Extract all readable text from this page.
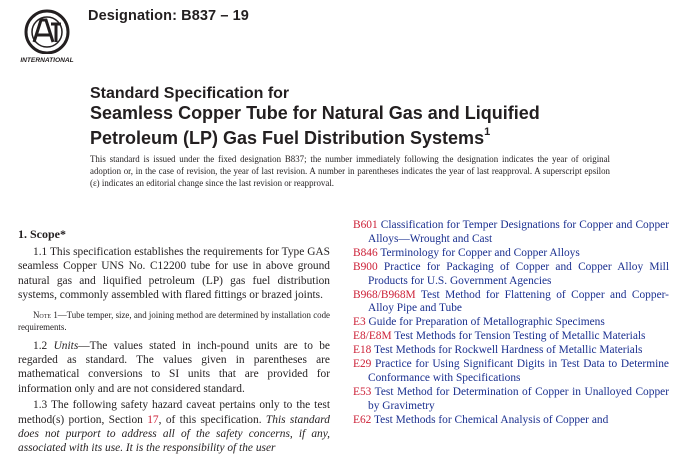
INTERNATIONAL
Designation: B837 – 19
Standard Specification for
Seamless Copper Tube for Natural Gas and Liquified
Petroleum (LP) Gas Fuel Distribution Systems$^1$
This standard is issued under the fixed designation B837; the number immediately following the designation indicates the year of original adoption or, in the case of revision, the year of last revision. A number in parentheses indicates the year of last reapproval. A superscript epsilon (ε) indicates an editorial change since the last revision or reapproval.
1. Scope*

1.1 This specification establishes the requirements for Type GAS seamless Copper UNS No. C12200 tube for use in above ground natural gas and liquified petroleum (LP) gas fuel distribution systems, commonly assembled with flared fittings or brazed joints.

Note 1—Tube temper, size, and joining method are determined by installation code requirements.

1.2 Units—The values stated in inch-pound units are to be regarded as standard. The values given in parentheses are mathematical conversions to SI units that are provided for information only and are not considered standard.

1.3 The following safety hazard caveat pertains only to the test method(s) portion, Section 17, of this specification. This standard does not purport to address all of the safety concerns, if any, associated with its use. It is the responsibility of the user

B601 Classification for Temper Designations for Copper and Copper Alloys—Wrought and Cast
B846 Terminology for Copper and Copper Alloys
B900 Practice for Packaging of Copper and Copper Alloy Mill Products for U.S. Government Agencies
B968/B968M Test Method for Flattening of Copper and Copper-Alloy Pipe and Tube
E3 Guide for Preparation of Metallographic Specimens
E8/E8M Test Methods for Tension Testing of Metallic Materials
E18 Test Methods for Rockwell Hardness of Metallic Materials
E29 Practice for Using Significant Digits in Test Data to Determine Conformance with Specifications
E53 Test Method for Determination of Copper in Unalloyed Copper by Gravimetry
E62 Test Methods for Chemical Analysis of Copper and
